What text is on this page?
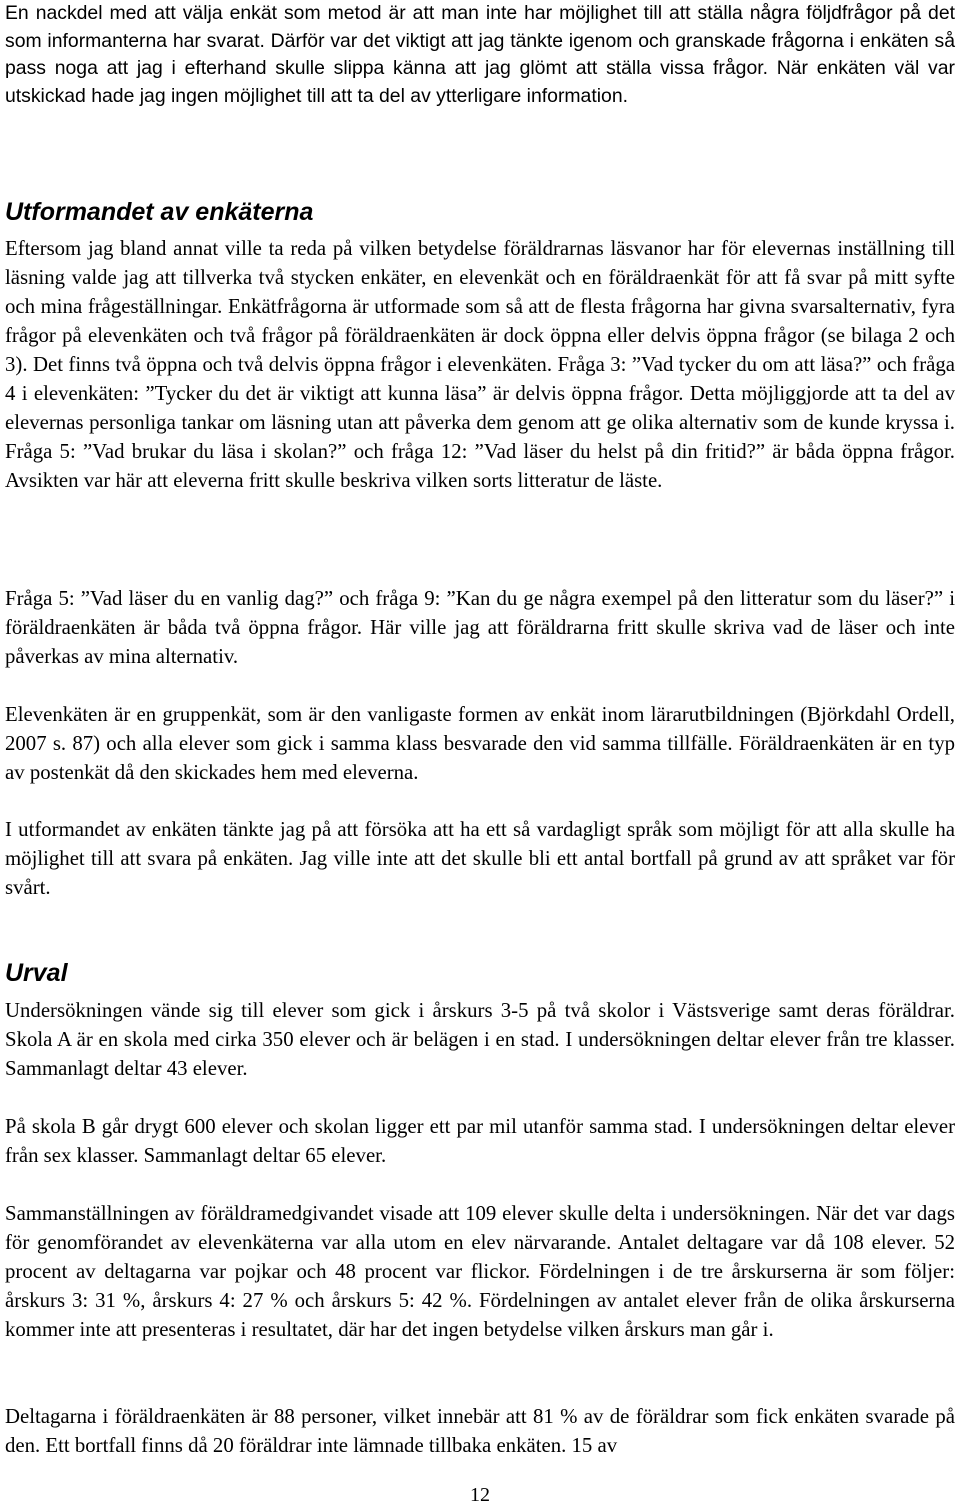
En nackdel med att välja enkät som metod är att man inte har möjlighet till att ställa några följdfrågor på det som informanterna har svarat. Därför var det viktigt att jag tänkte igenom och granskade frågorna i enkäten så pass noga att jag i efterhand skulle slippa känna att jag glömt att ställa vissa frågor. När enkäten väl var utskickad hade jag ingen möjlighet till att ta del av ytterligare information.

Utformandet av enkäterna

Eftersom jag bland annat ville ta reda på vilken betydelse föräldrarnas läsvanor har för elevernas inställning till läsning valde jag att tillverka två stycken enkäter, en elevenkät och en föräldraenkät för att få svar på mitt syfte och mina frågeställningar. Enkätfrågorna är utformade som så att de flesta frågorna har givna svarsalternativ, fyra frågor på elevenkäten och två frågor på föräldraenkäten är dock öppna eller delvis öppna frågor (se bilaga 2 och 3). Det finns två öppna och två delvis öppna frågor i elevenkäten. Fråga 3: ”Vad tycker du om att läsa?” och fråga 4 i elevenkäten: ”Tycker du det är viktigt att kunna läsa” är delvis öppna frågor. Detta möjliggjorde att ta del av elevernas personliga tankar om läsning utan att påverka dem genom att ge olika alternativ som de kunde kryssa i. Fråga 5: ”Vad brukar du läsa i skolan?” och fråga 12: ”Vad läser du helst på din fritid?” är båda öppna frågor. Avsikten var här att eleverna fritt skulle beskriva vilken sorts litteratur de läste.

Fråga 5: ”Vad läser du en vanlig dag?” och fråga 9: ”Kan du ge några exempel på den litteratur som du läser?” i föräldraenkäten är båda två öppna frågor. Här ville jag att föräldrarna fritt skulle skriva vad de läser och inte påverkas av mina alternativ.

Elevenkäten är en gruppenkät, som är den vanligaste formen av enkät inom lärarutbildningen (Björkdahl Ordell, 2007 s. 87) och alla elever som gick i samma klass besvarade den vid samma tillfälle. Föräldraenkäten är en typ av postenkät då den skickades hem med eleverna.

I utformandet av enkäten tänkte jag på att försöka att ha ett så vardagligt språk som möjligt för att alla skulle ha möjlighet till att svara på enkäten. Jag ville inte att det skulle bli ett antal bortfall på grund av att språket var för svårt.

Urval

Undersökningen vände sig till elever som gick i årskurs 3-5 på två skolor i Västsverige samt deras föräldrar. Skola A är en skola med cirka 350 elever och är belägen i en stad. I undersökningen deltar elever från tre klasser. Sammanlagt deltar 43 elever.

På skola B går drygt 600 elever och skolan ligger ett par mil utanför samma stad. I undersökningen deltar elever från sex klasser. Sammanlagt deltar 65 elever.

Sammanställningen av föräldramedgivandet visade att 109 elever skulle delta i undersökningen. När det var dags för genomförandet av elevenkäterna var alla utom en elev närvarande. Antalet deltagare var då 108 elever. 52 procent av deltagarna var pojkar och 48 procent var flickor. Fördelningen i de tre årskurserna är som följer: årskurs 3: 31 %, årskurs 4: 27 % och årskurs 5: 42 %. Fördelningen av antalet elever från de olika årskurserna kommer inte att presenteras i resultatet, där har det ingen betydelse vilken årskurs man går i.

Deltagarna i föräldraenkäten är 88 personer, vilket innebär att 81 % av de föräldrar som fick enkäten svarade på den. Ett bortfall finns då 20 föräldrar inte lämnade tillbaka enkäten. 15 av

12
